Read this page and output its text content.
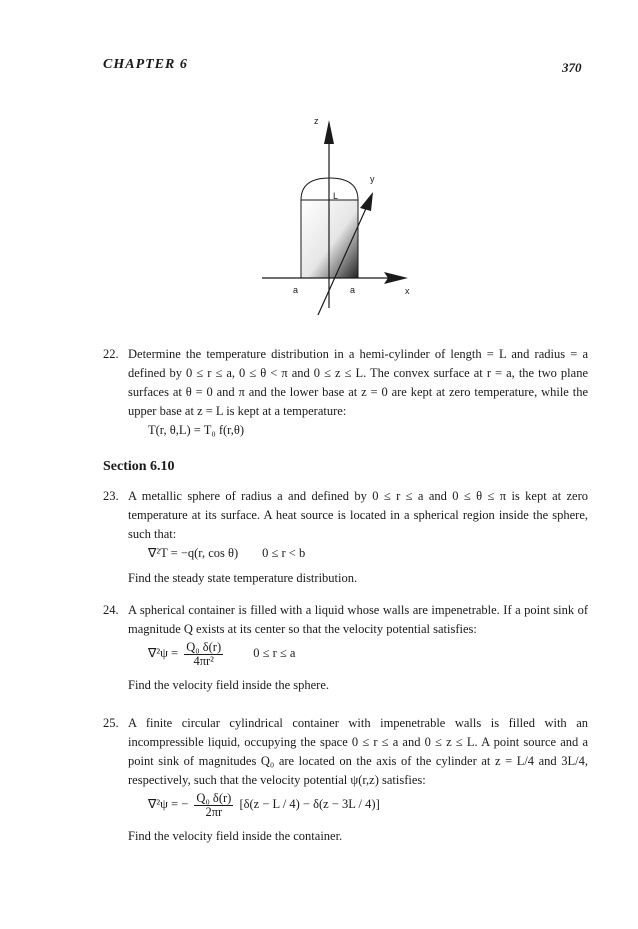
CHAPTER 6	370
z
y
L
a	a	x
22. Determine the temperature distribution in a hemi-cylinder of length = L and radius = a defined by 0 ≤ r ≤ a, 0 ≤ θ < π and 0 ≤ z ≤ L. The convex surface at r = a, the two plane surfaces at θ = 0 and π and the lower base at z = 0 are kept at zero temperature, while the upper base at z = L is kept at a temperature:
T(r, θ,L) = T₀ f(r,θ)
Section 6.10
23. A metallic sphere of radius a and defined by 0 ≤ r ≤ a and 0 ≤ θ ≤ π is kept at zero temperature at its surface. A heat source is located in a spherical region inside the sphere, such that:
∇²T = −q(r, cos θ) 0 ≤ r < b
Find the steady state temperature distribution.
24. A spherical container is filled with a liquid whose walls are impenetrable. If a point sink of magnitude Q exists at its center so that the velocity potential satisfies:
$\nabla^2\psi = \frac{\text{Q₀ δ(r)}}{\text{4πr²}} 0 \le r \le a$
Find the velocity field inside the sphere.
25. A finite circular cylindrical container with impenetrable walls is filled with an incompressible liquid, occupying the space 0 ≤ r ≤ a and 0 ≤ z ≤ L. A point source and a point sink of magnitudes Q₀ are located on the axis of the cylinder at z = L/4 and 3L/4, respectively, such that the velocity potential ψ(r,z) satisfies:
∇²ψ = − $\frac{\text{Q₀ δ(r)}}{2\pi r} [\delta(z - L / 4) - \delta(z - 3L / 4)]$
Find the velocity field inside the container.
